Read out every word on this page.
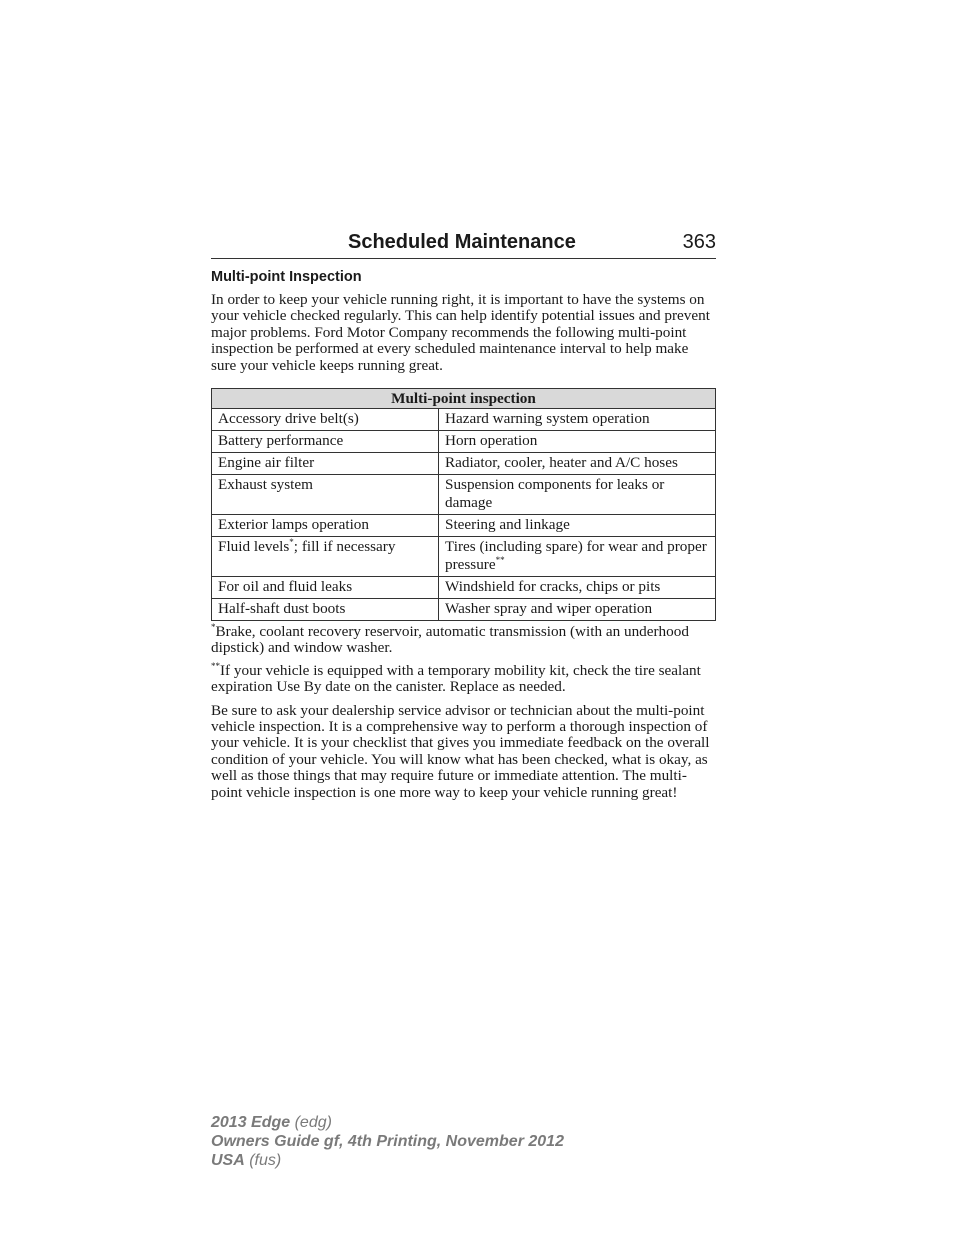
Scheduled Maintenance	363
Multi-point Inspection
In order to keep your vehicle running right, it is important to have the systems on your vehicle checked regularly. This can help identify potential issues and prevent major problems. Ford Motor Company recommends the following multi-point inspection be performed at every scheduled maintenance interval to help make sure your vehicle keeps running great.
Multi-point inspection	
Accessory drive belt(s)	Hazard warning system operation
Battery performance	Horn operation
Engine air filter	Radiator, cooler, heater and A/C hoses
Exhaust system	Suspension components for leaks or damage
Exterior lamps operation	Steering and linkage
Fluid levels*; fill if necessary	Tires (including spare) for wear and proper pressure**
For oil and fluid leaks	Windshield for cracks, chips or pits
Half-shaft dust boots	Washer spray and wiper operation
*Brake, coolant recovery reservoir, automatic transmission (with an underhood dipstick) and window washer.
**If your vehicle is equipped with a temporary mobility kit, check the tire sealant expiration Use By date on the canister. Replace as needed.
Be sure to ask your dealership service advisor or technician about the multi-point vehicle inspection. It is a comprehensive way to perform a thorough inspection of your vehicle. It is your checklist that gives you immediate feedback on the overall condition of your vehicle. You will know what has been checked, what is okay, as well as those things that may require future or immediate attention. The multi-point vehicle inspection is one more way to keep your vehicle running great!
2013 Edge (edg)
Owners Guide gf, 4th Printing, November 2012
USA (fus)
